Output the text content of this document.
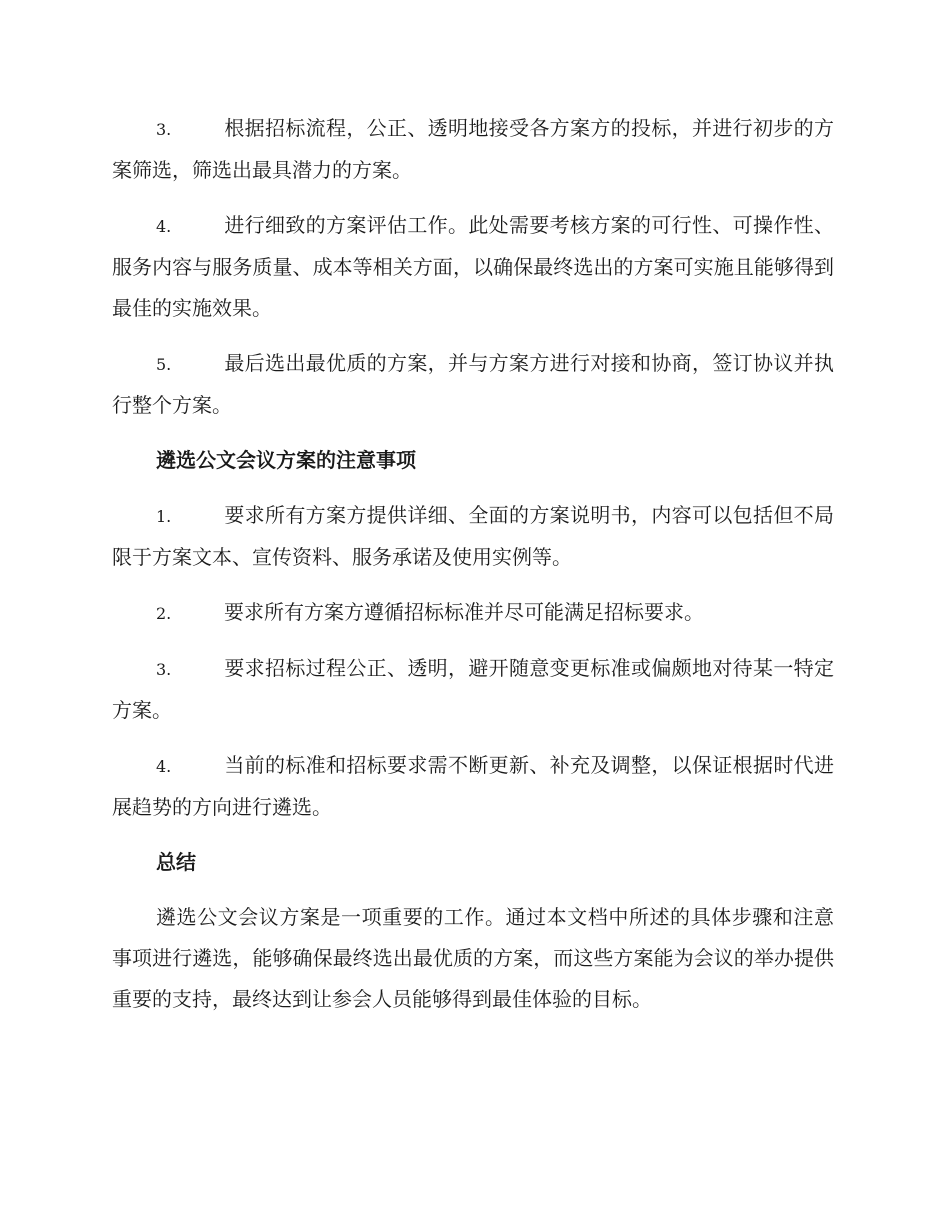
3.	根据招标流程，公正、透明地接受各方案方的投标，并进行初步的方案筛选，筛选出最具潜力的方案。

4.	进行细致的方案评估工作。此处需要考核方案的可行性、可操作性、服务内容与服务质量、成本等相关方面，以确保最终选出的方案可实施且能够得到最佳的实施效果。

5.	最后选出最优质的方案，并与方案方进行对接和协商，签订协议并执行整个方案。

遴选公文会议方案的注意事项

1.	要求所有方案方提供详细、全面的方案说明书，内容可以包括但不局限于方案文本、宣传资料、服务承诺及使用实例等。

2.	要求所有方案方遵循招标标准并尽可能满足招标要求。

3.	要求招标过程公正、透明，避开随意变更标准或偏颇地对待某一特定方案。

4.	当前的标准和招标要求需不断更新、补充及调整，以保证根据时代进展趋势的方向进行遴选。

总结

遴选公文会议方案是一项重要的工作。通过本文档中所述的具体步骤和注意事项进行遴选，能够确保最终选出最优质的方案，而这些方案能为会议的举办提供重要的支持，最终达到让参会人员能够得到最佳体验的目标。
